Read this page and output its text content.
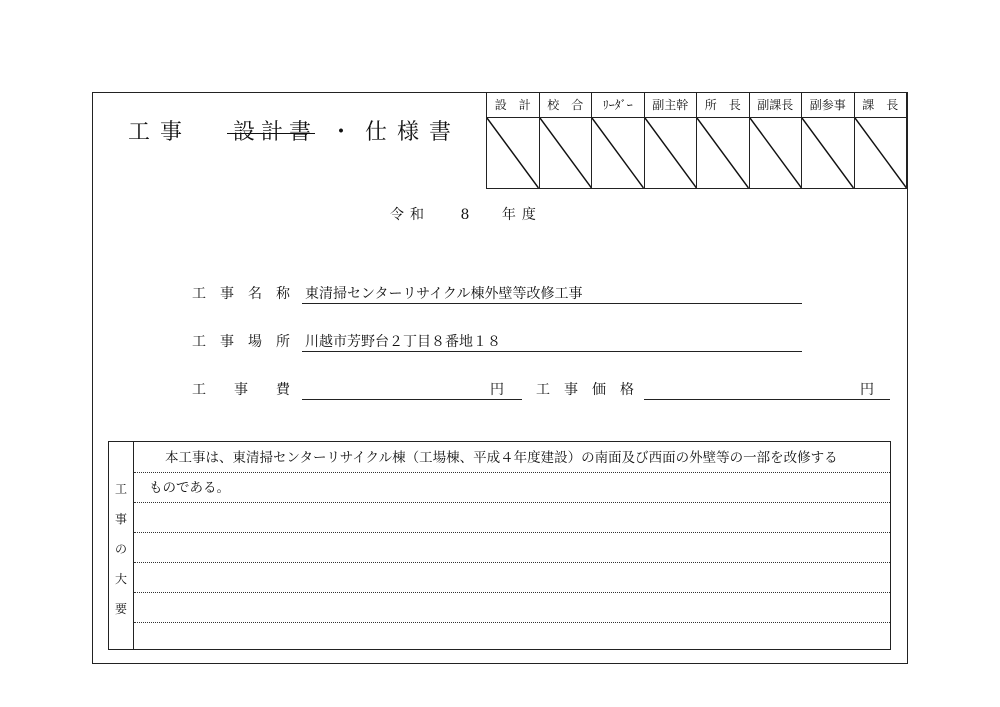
工事 設計書 ・ 仕様書
設　計	校　合	ﾘｰﾀﾞｰ	副主幹	所　長	副課長	副参事	課　長

令和 8 年度
工　事　名　称 東清掃センターリサイクル棟外壁等改修工事
工　事　場　所 川越市芳野台２丁目８番地１８
工　　事　　費	円 工　事　価　格	円
工
事
の
大
要
本工事は、東清掃センターリサイクル棟（工場棟、平成４年度建設）の南面及び西面の外壁等の一部を改修する
ものである。
